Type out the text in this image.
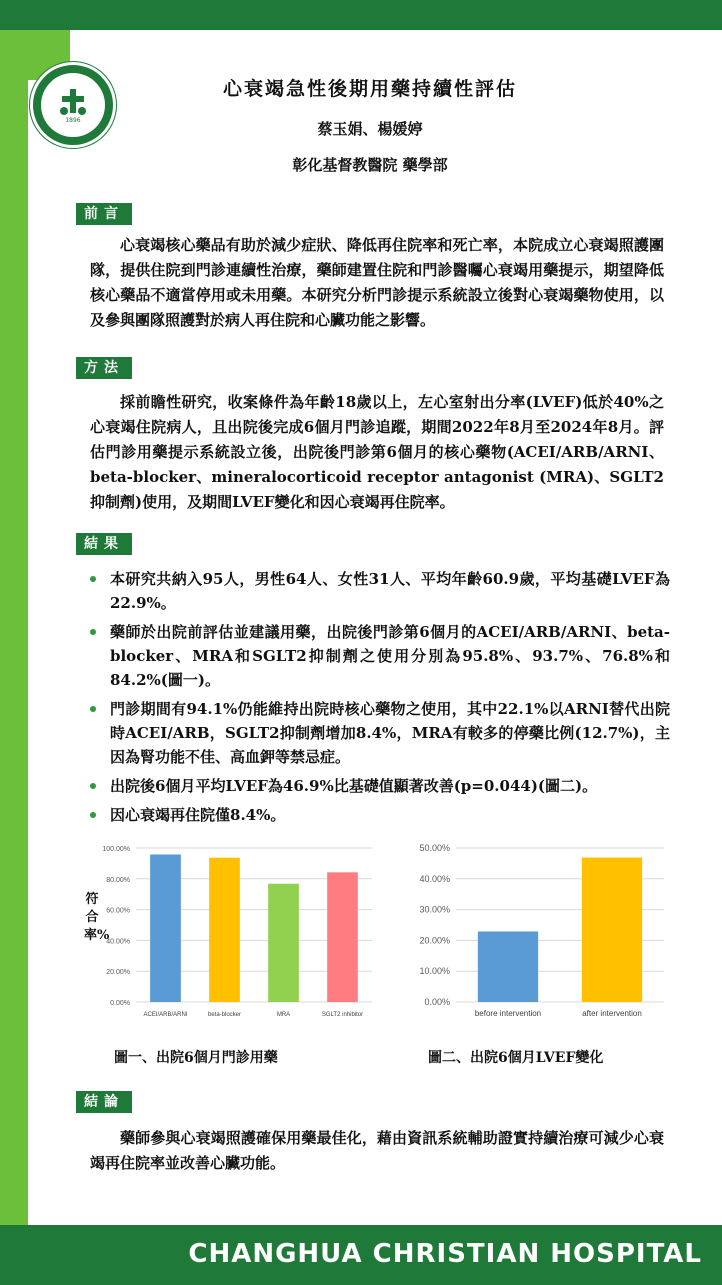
1896
心衰竭急性後期用藥持續性評估
蔡玉娟、楊媛婷
彰化基督教醫院 藥學部
前言
心衰竭核心藥品有助於減少症狀、降低再住院率和死亡率，本院成立心衰竭照護團隊，提供住院到門診連續性治療，藥師建置住院和門診醫囑心衰竭用藥提示，期望降低核心藥品不適當停用或未用藥。本研究分析門診提示系統設立後對心衰竭藥物使用，以及參與團隊照護對於病人再住院和心臟功能之影響。
方法
採前瞻性研究，收案條件為年齡18歲以上，左心室射出分率(LVEF)低於40%之心衰竭住院病人，且出院後完成6個月門診追蹤，期間2022年8月至2024年8月。評估門診用藥提示系統設立後，出院後門診第6個月的核心藥物(ACEI/ARB/ARNI、beta-blocker、mineralocorticoid receptor antagonist (MRA)、SGLT2抑制劑)使用，及期間LVEF變化和因心衰竭再住院率。
結果
本研究共納入95人，男性64人、女性31人、平均年齡60.9歲，平均基礎LVEF為22.9%。
藥師於出院前評估並建議用藥，出院後門診第6個月的ACEI/ARB/ARNI、beta-blocker、MRA和SGLT2抑制劑之使用分別為95.8%、93.7%、76.8%和84.2%(圖一)。
門診期間有94.1%仍能維持出院時核心藥物之使用，其中22.1%以ARNI替代出院時ACEI/ARB，SGLT2抑制劑增加8.4%，MRA有較多的停藥比例(12.7%)，主因為腎功能不佳、高血鉀等禁忌症。
出院後6個月平均LVEF為46.9%比基礎值顯著改善(p=0.044)(圖二)。
因心衰竭再住院僅8.4%。
符合率%
0.00%
20.00%
40.00%
60.00%
80.00%
100.00%
ACEI/ARB/ARNI	beta-blocker	MRA	SGLT2 inhibitor
0.00%
10.00%
20.00%
30.00%
40.00%
50.00%
before intervention	after intervention
圖一、出院6個月門診用藥	圖二、出院6個月LVEF變化
結論
藥師參與心衰竭照護確保用藥最佳化，藉由資訊系統輔助證實持續治療可減少心衰竭再住院率並改善心臟功能。
CHANGHUA CHRISTIAN HOSPITAL
